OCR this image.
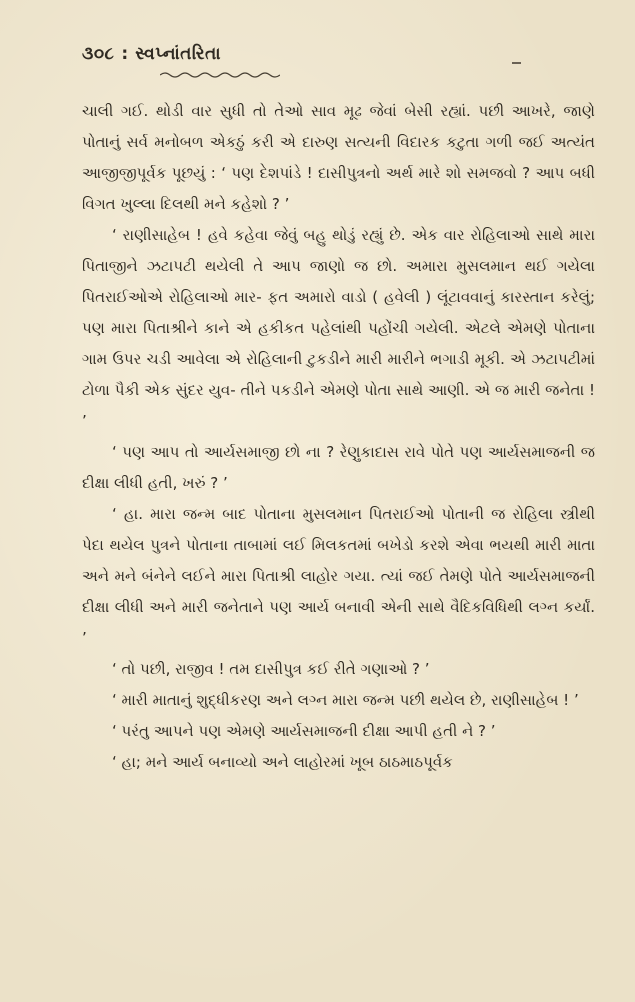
૩૦૮ : સ્વપ્નાંતરિતા

ચાલી ગઈ. થોડી વાર સુધી તો તેઓ સાવ મૂઢ જેવાં બેસી રહ્યાં. પછી આખરે, જાણે પોતાનું સર્વ મનોબળ એકઠું કરી એ દારુણ સત્યની વિદારક કટુતા ગળી જઈ અત્યંત આજીજીપૂર્વક પૂછયું : ‘ પણ દેશપાંડે ! દાસીપુત્રનો અર્થ મારે શો સમજવો ? આપ બધી વિગત ખુલ્લા દિલથી મને કહેશો ? ’

‘ રાણીસાહેબ ! હવે કહેવા જેવું બહુ થોડું રહ્યું છે. એક વાર રોહિલાઓ સાથે મારા પિતાજીને ઝટાપટી થયેલી તે આપ જાણો જ છો. અમારા મુસલમાન થઈ ગયેલા પિતરાઈઓએ રોહિલાઓ માર- ફત અમારો વાડો ( હવેલી ) લૂંટાવવાનું કારસ્તાન કરેલું; પણ મારા પિતાશ્રીને કાને એ હકીકત પહેલાંથી પહોંચી ગયેલી. એટલે એમણે પોતાના ગામ ઉપર ચડી આવેલા એ રોહિલાની ટુકડીને મારી મારીને ભગાડી મૂકી. એ ઝટાપટીમાં ટોળા પૈકી એક સુંદર યુવ- તીને પકડીને એમણે પોતા સાથે આણી. એ જ મારી જનેતા ! ’

‘ પણ આપ તો આર્યસમાજી છો ના ? રેણુકાદાસ રાવે પોતે પણ આર્યસમાજની જ દીક્ષા લીધી હતી, ખરું ? ’

‘ હા. મારા જન્મ બાદ પોતાના મુસલમાન પિતરાઈઓ પોતાની જ રોહિલા સ્ત્રીથી પેદા થયેલ પુત્રને પોતાના તાબામાં લઈ મિલકતમાં બખેડો કરશે એવા ભયથી મારી માતા અને મને બંનેને લઈને મારા પિતાશ્રી લાહોર ગયા. ત્યાં જઈ તેમણે પોતે આર્યસમાજની દીક્ષા લીધી અને મારી જનેતાને પણ આર્ય બનાવી એની સાથે વૈદિકવિધિથી લગ્ન કર્યાં. ’

‘ તો પછી, રાજીવ ! તમ દાસીપુત્ર કઈ રીતે ગણાઓ ? ’

‘ મારી માતાનું શુદ્ધીકરણ અને લગ્ન મારા જન્મ પછી થયેલ છે, રાણીસાહેબ ! ’

‘ પરંતુ આપને પણ એમણે આર્યસમાજની દીક્ષા આપી હતી ને ? ’

‘ હા; મને આર્ય બનાવ્યો અને લાહોરમાં ખૂબ ઠાઠમાઠપૂર્વક
